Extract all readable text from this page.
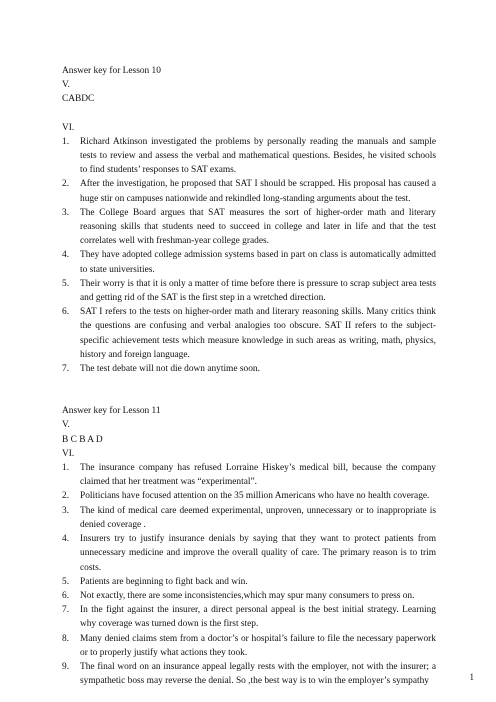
Answer key for Lesson 10
V.
CABDC
VI.
1.	Richard Atkinson investigated the problems by personally reading the manuals and sample tests to review and assess the verbal and mathematical questions. Besides, he visited schools to find students’ responses to SAT exams.
2.	After the investigation, he proposed that SAT I should be scrapped. His proposal has caused a huge stir on campuses nationwide and rekindled long-standing arguments about the test.
3.	The College Board argues that SAT measures the sort of higher-order math and literary reasoning skills that students need to succeed in college and later in life and that the test correlates well with freshman-year college grades.
4.	They have adopted college admission systems based in part on class is automatically admitted to state universities.
5.	Their worry is that it is only a matter of time before there is pressure to scrap subject area tests and getting rid of the SAT is the first step in a wretched direction.
6.	SAT I refers to the tests on higher-order math and literary reasoning skills. Many critics think the questions are confusing and verbal analogies too obscure. SAT II refers to the subject-specific achievement tests which measure knowledge in such areas as writing, math, physics, history and foreign language.
7.	The test debate will not die down anytime soon.
Answer key for Lesson 11
V.
B C B A D
VI.
1.	The insurance company has refused Lorraine Hiskey’s medical bill, because the company claimed that her treatment was “experimental”.
2.	Politicians have focused attention on the 35 million Americans who have no health coverage.
3.	The kind of medical care deemed experimental, unproven, unnecessary or to inappropriate is denied coverage .
4.	Insurers try to justify insurance denials by saying that they want to protect patients from unnecessary medicine and improve the overall quality of care. The primary reason is to trim costs.
5.	Patients are beginning to fight back and win.
6.	Not exactly, there are some inconsistencies,which may spur many consumers to press on.
7.	In the fight against the insurer, a direct personal appeal is the best initial strategy. Learning why coverage was turned down is the first step.
8.	Many denied claims stem from a doctor’s or hospital’s failure to file the necessary paperwork or to properly justify what actions they took.
9.	The final word on an insurance appeal legally rests with the employer, not with the insurer; a sympathetic boss may reverse the denial. So ,the best way is to win the employer’s sympathy	1
